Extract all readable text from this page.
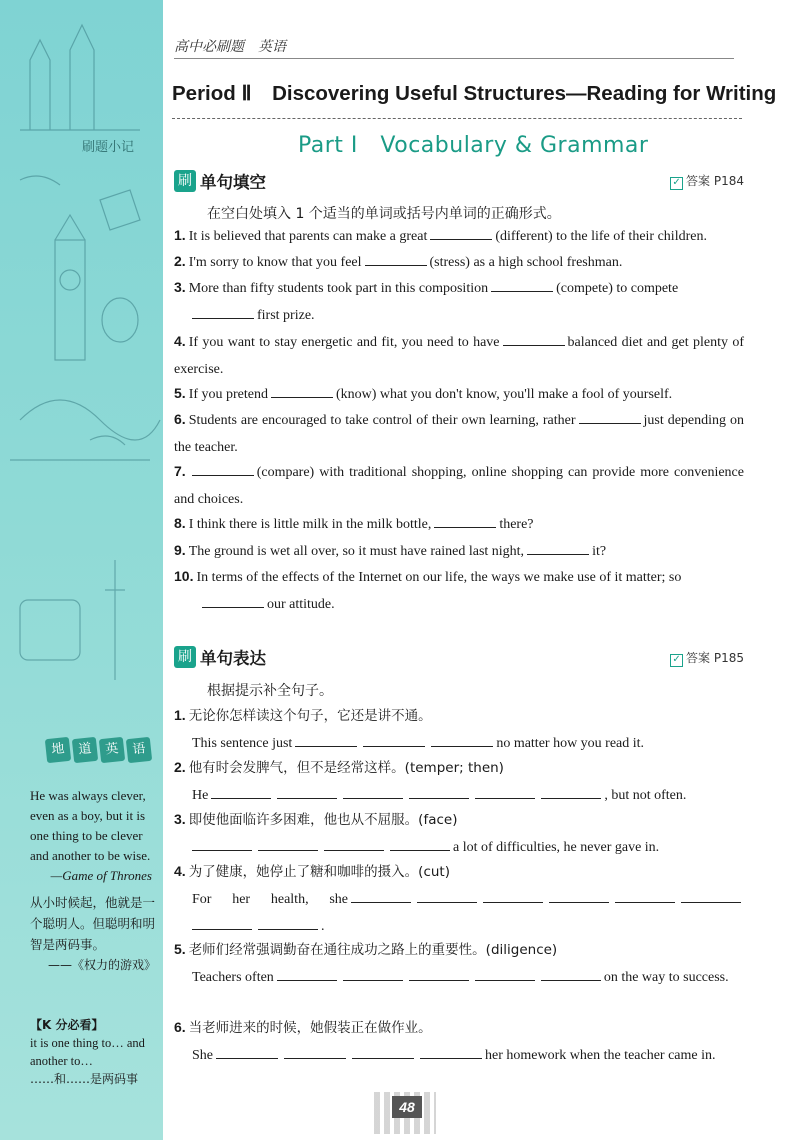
刷题小记
地 道 英 语
He was always clever, even as a boy, but it is one thing to be clever and another to be wise.
—Game of Thrones
从小时候起，他就是一个聪明人。但聪明和明智是两码事。
——《权力的游戏》
【K 分必看】
it is one thing to… and another to…
……和……是两码事
高中必刷题　英语
Period Ⅱ　Discovering Useful Structures—Reading for Writing
Part Ⅰ　Vocabulary & Grammar
刷 单句填空	✓ 答案 P184
在空白处填入 1 个适当的单词或括号内单词的正确形式。
1. It is believed that parents can make a great	(different) to the life of their children.
2. I'm sorry to know that you feel	(stress) as a high school freshman.
3. More than fifty students took part in this composition	(compete) to compete
first prize.
4. If you want to stay energetic and fit, you need to have	balanced diet and get plenty of exercise.
5. If you pretend	(know) what you don't know, you'll make a fool of yourself.
6. Students are encouraged to take control of their own learning, rather	just depending on the teacher.
7.	(compare) with traditional shopping, online shopping can provide more convenience and choices.
8. I think there is little milk in the milk bottle,	there?
9. The ground is wet all over, so it must have rained last night,	it?
10. In terms of the effects of the Internet on our life, the ways we make use of it matter; so
our attitude.
刷 单句表达	✓ 答案 P185
根据提示补全句子。
1. 无论你怎样读这个句子，它还是讲不通。
This sentence just	no matter how you read it.
2. 他有时会发脾气，但不是经常这样。(temper; then)
He	, but not often.
3. 即使他面临许多困难，他也从不屈服。(face)
a lot of difficulties, he never gave in.
4. 为了健康，她停止了糖和咖啡的摄入。(cut)
For her health, she .
5. 老师们经常强调勤奋在通往成功之路上的重要性。(diligence)
Teachers often	on the way to success.
6. 当老师进来的时候，她假装正在做作业。
She	her homework when the teacher came in.
48
